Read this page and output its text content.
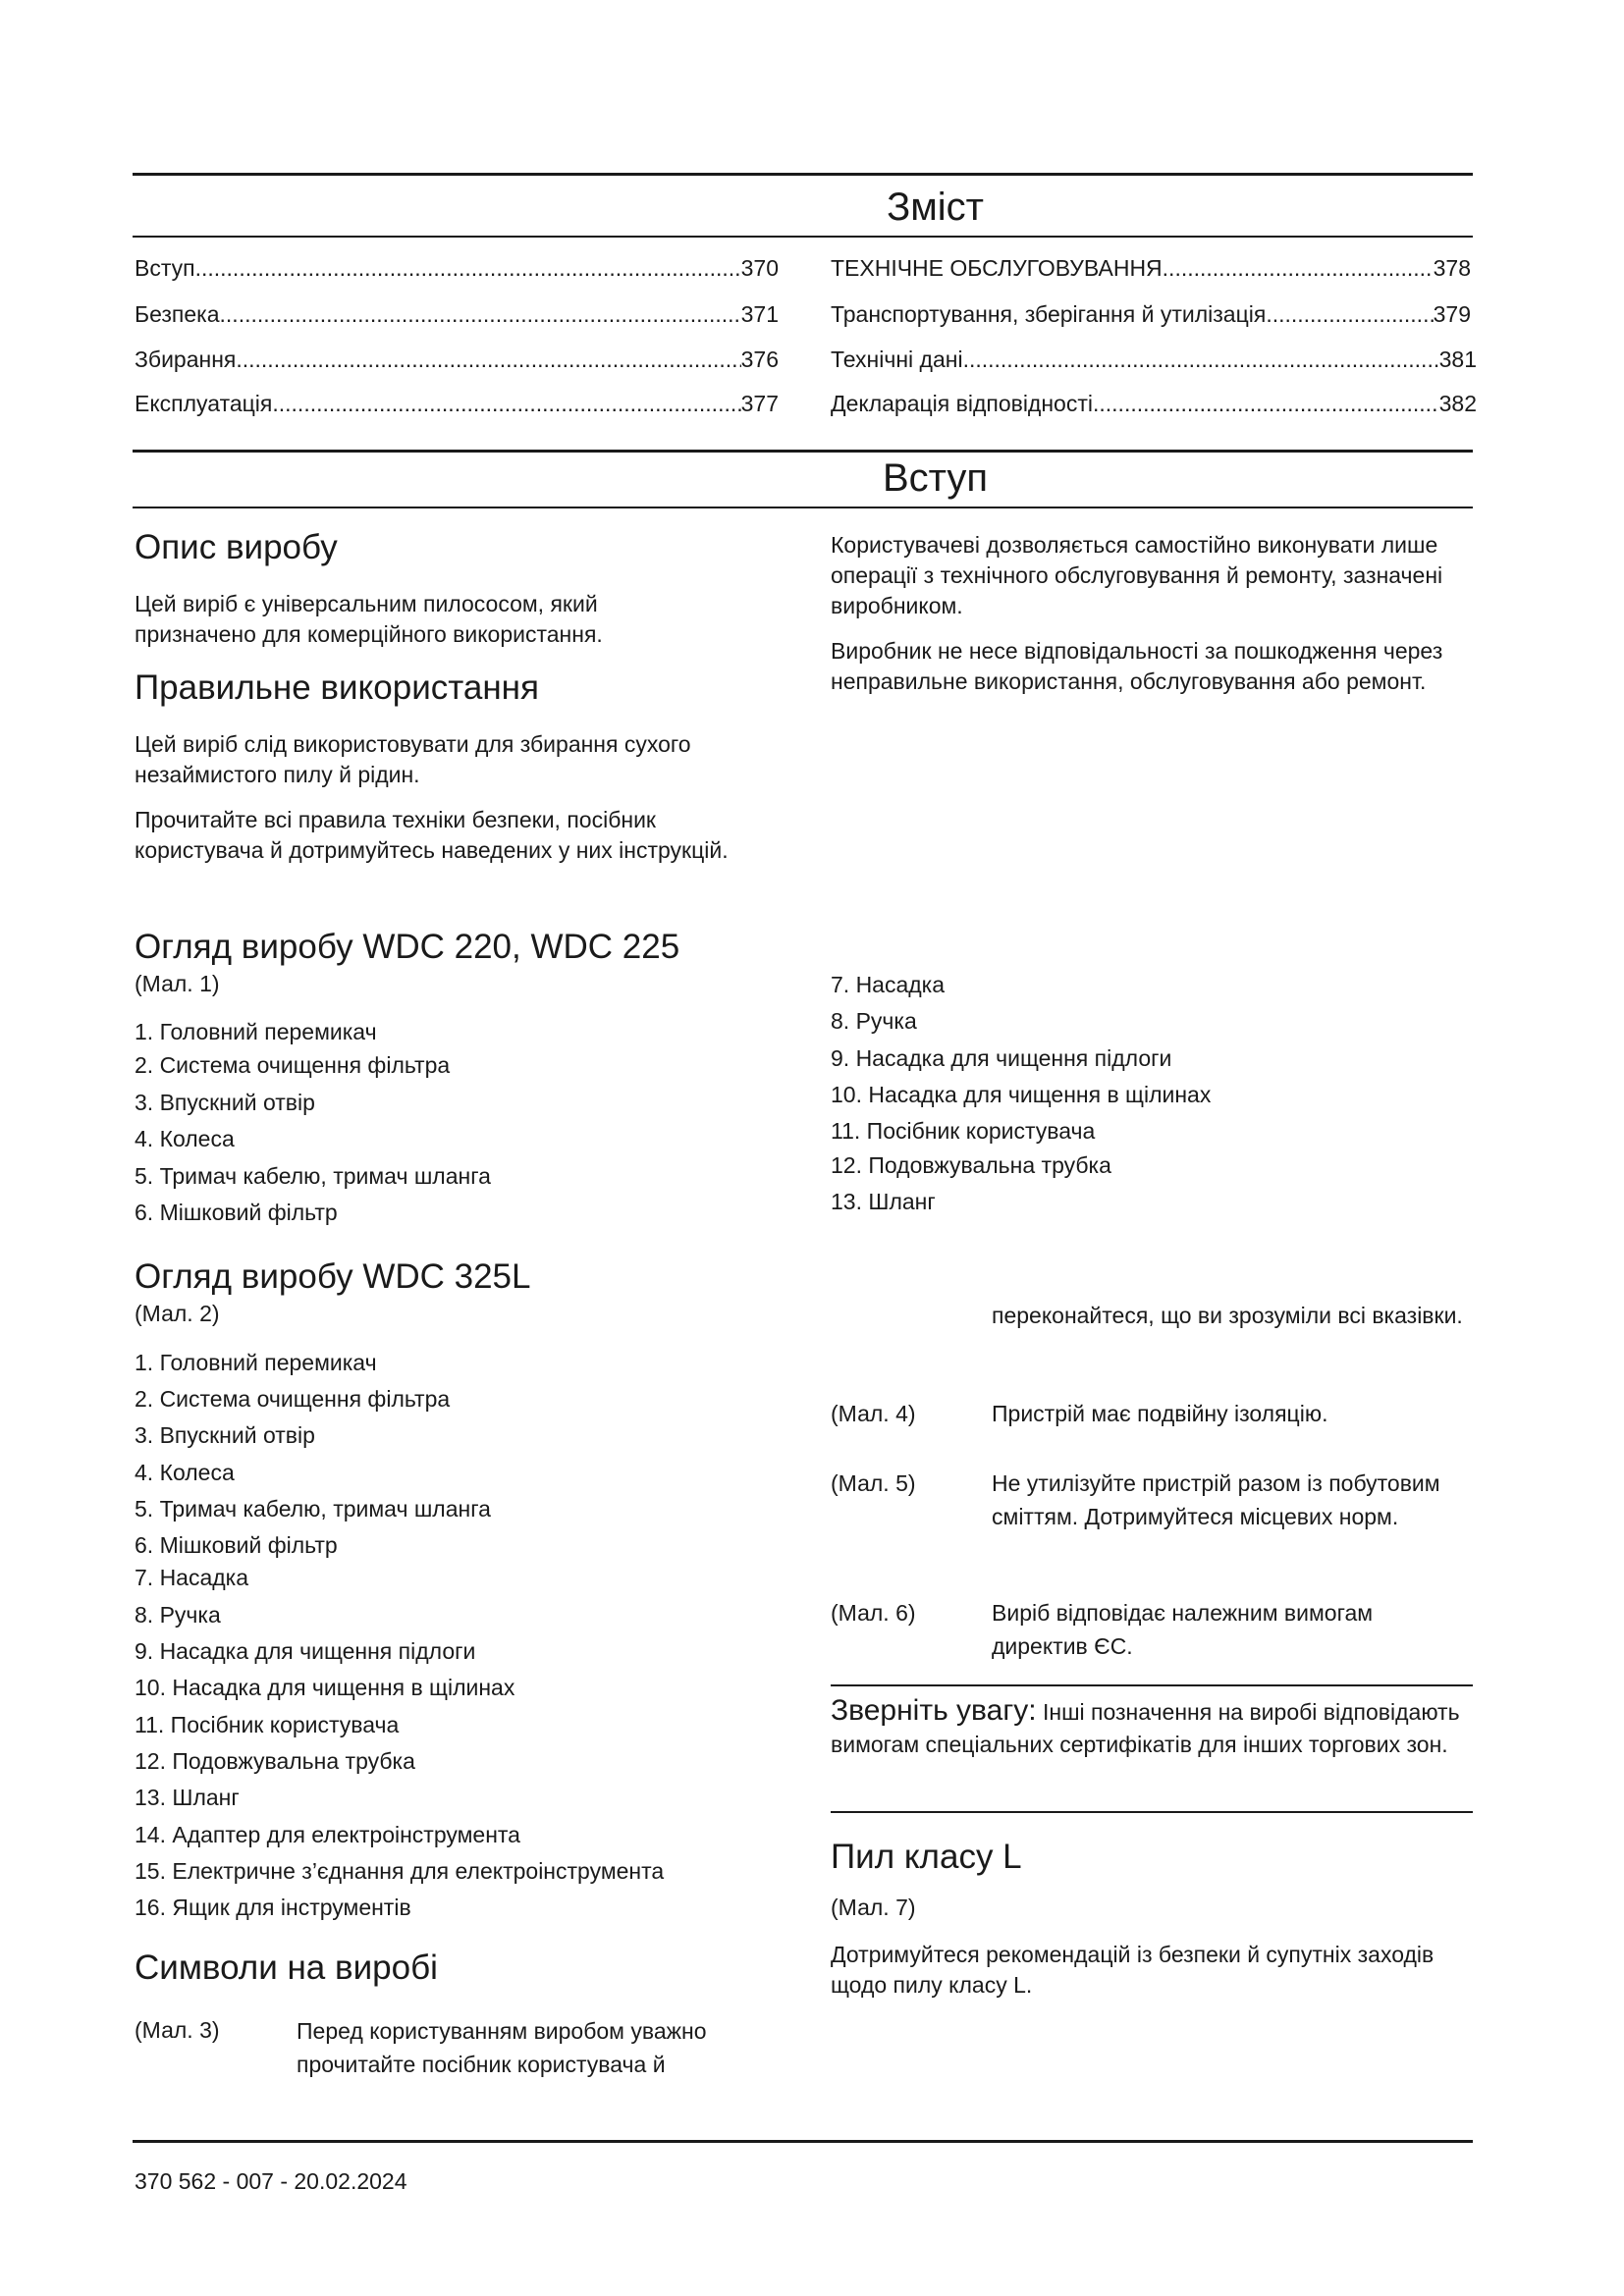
Зміст
Вступ .....	370
Безпека .....	371
Збирання .....	376
Експлуатація .....	377
ТЕХНІЧНЕ ОБСЛУГОВУВАННЯ .....	378
Транспортування, зберігання й утилізація .....	379
Технічні дані .....	381
Декларація відповідності .....	382
Вступ
Опис виробу
Цей виріб є універсальним пилососом, який призначено для комерційного використання.
Правильне використання
Цей виріб слід використовувати для збирання сухого незаймистого пилу й рідин.
Прочитайте всі правила техніки безпеки, посібник користувача й дотримуйтесь наведених у них інструкцій.
Користувачеві дозволяється самостійно виконувати лише операції з технічного обслуговування й ремонту, зазначені виробником.
Виробник не несе відповідальності за пошкодження через неправильне використання, обслуговування або ремонт.
Огляд виробу WDC 220, WDC 225
(Мал. 1)
1. Головний перемикач
2. Система очищення фільтра
3. Впускний отвір
4. Колеса
5. Тримач кабелю, тримач шланга
6. Мішковий фільтр
7. Насадка
8. Ручка
9. Насадка для чищення підлоги
10. Насадка для чищення в щілинах
11. Посібник користувача
12. Подовжувальна трубка
13. Шланг
Огляд виробу WDC 325L
(Мал. 2)
1. Головний перемикач
2. Система очищення фільтра
3. Впускний отвір
4. Колеса
5. Тримач кабелю, тримач шланга
6. Мішковий фільтр
7. Насадка
8. Ручка
9. Насадка для чищення підлоги
10. Насадка для чищення в щілинах
11. Посібник користувача
12. Подовжувальна трубка
13. Шланг
14. Адаптер для електроінструмента
15. Електричне з’єднання для електроінструмента
16. Ящик для інструментів
Символи на виробі
(Мал. 3)	Перед користуванням виробом уважно прочитайте посібник користувача й
переконайтеся, що ви зрозуміли всі вказівки.
(Мал. 4)	Пристрій має подвійну ізоляцію.
(Мал. 5)	Не утилізуйте пристрій разом із побутовим сміттям. Дотримуйтеся місцевих норм.
(Мал. 6)	Виріб відповідає належним вимогам директив ЄС.
Зверніть увагу: Інші позначення на виробі відповідають вимогам спеціальних сертифікатів для інших торгових зон.
Пил класу L
(Мал. 7)
Дотримуйтеся рекомендацій із безпеки й супутніх заходів щодо пилу класу L.
370 562 - 007 - 20.02.2024
